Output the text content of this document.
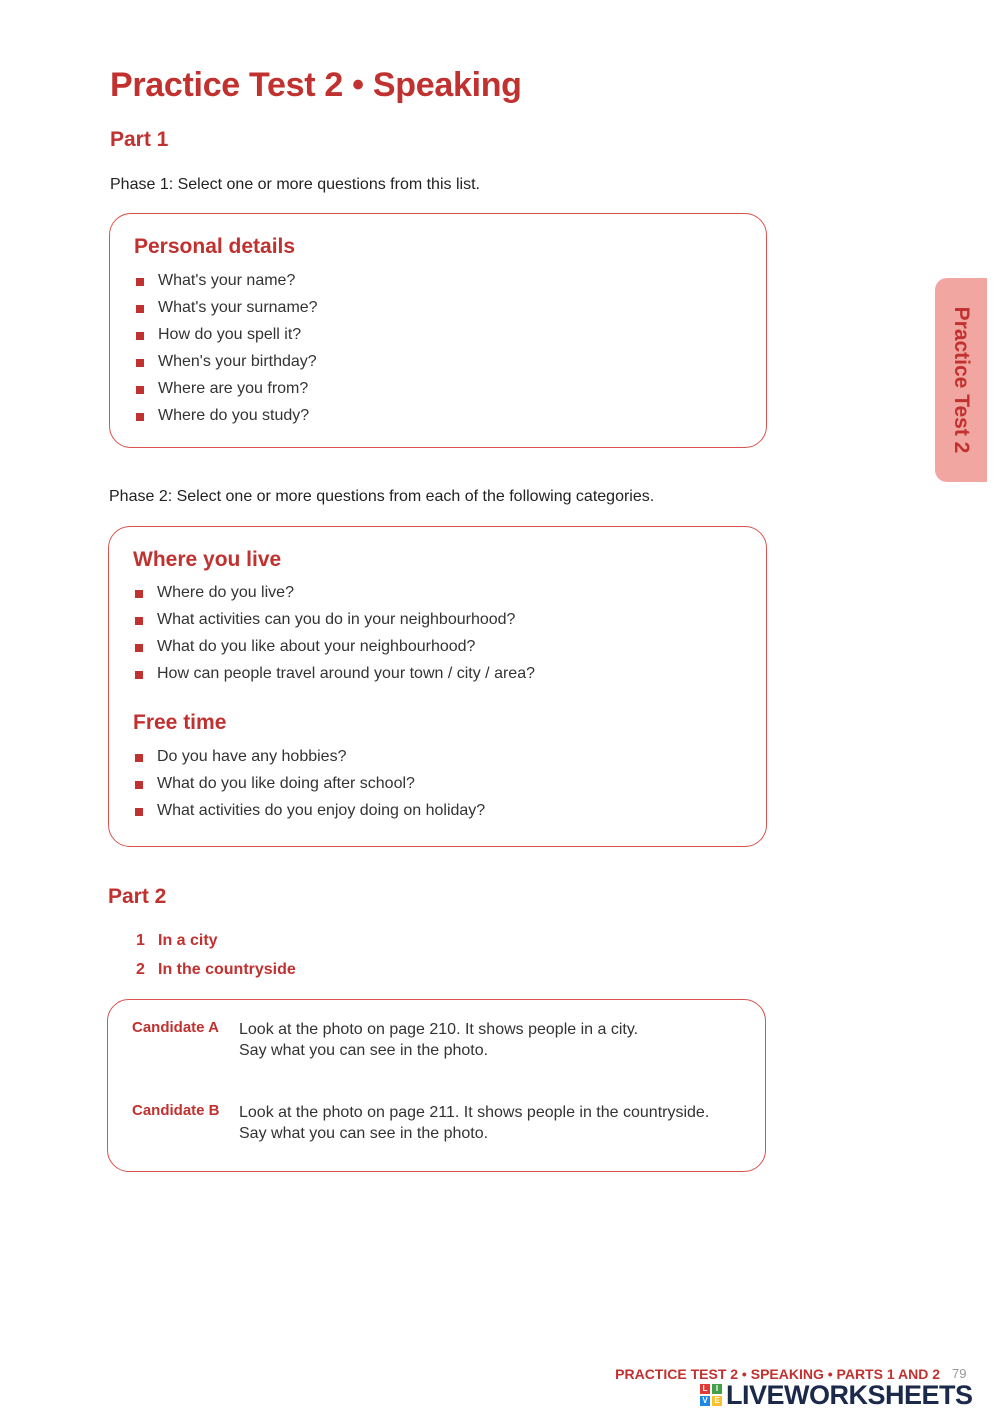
Practice Test 2 • Speaking
Part 1

Phase 1: Select one or more questions from this list.

Personal details
What's your name?
What's your surname?
How do you spell it?
When's your birthday?
Where are you from?
Where do you study?

Phase 2: Select one or more questions from each of the following categories.

Where you live
Where do you live?
What activities can you do in your neighbourhood?
What do you like about your neighbourhood?
How can people travel around your town / city / area?
Free time
Do you have any hobbies?
What do you like doing after school?
What activities do you enjoy doing on holiday?
Part 2
1 In a city
2 In the countryside
Candidate A Look at the photo on page 210. It shows people in a city.
Say what you can see in the photo.
Candidate B Look at the photo on page 211. It shows people in the countryside.
Say what you can see in the photo.
Practice Test 2
PRACTICE TEST 2 • SPEAKING • PARTS 1 AND 2 79
L	I
V E LIVEWORKSHEETS
